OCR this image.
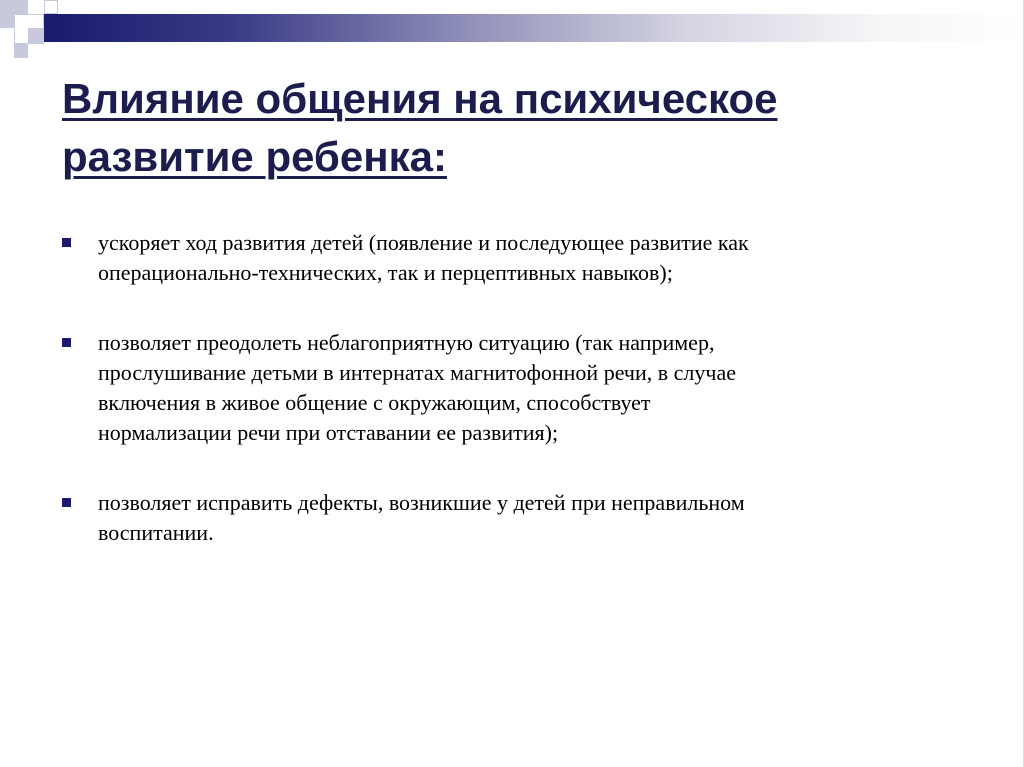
Влияние общения на психическое
развитие ребенка:
ускоряет ход развития детей (появление и последующее развитие как
операционально-технических, так и перцептивных навыков);
позволяет преодолеть неблагоприятную ситуацию (так например,
прослушивание детьми в интернатах магнитофонной речи, в случае
включения в живое общение с окружающим, способствует
нормализации речи при отставании ее развития);
позволяет исправить дефекты, возникшие у детей при неправильном
воспитании.
